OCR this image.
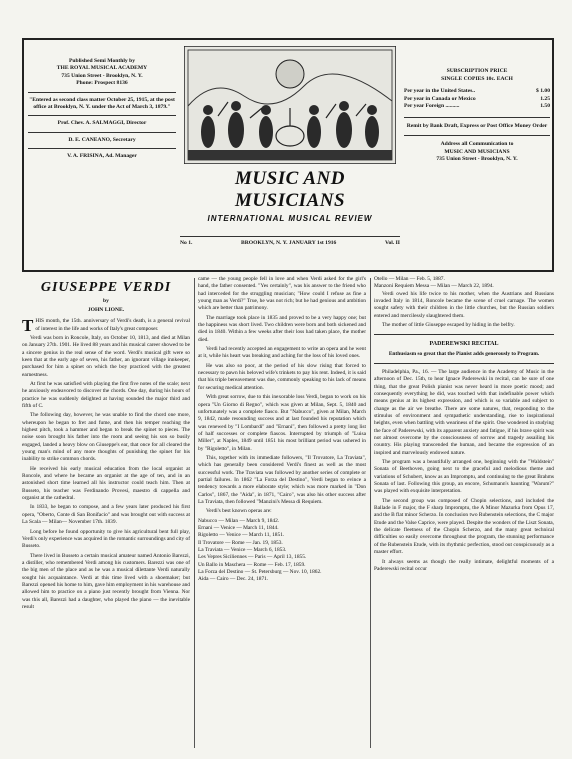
Published Semi Monthly by
THE ROYAL MUSICAL ACADEMY
735 Union Street - Brooklyn, N. Y.
Phone: Prospect 8136

"Entered as second class matter October 25, 1915, at the post office at Brooklyn, N. Y. under the Act of March 3, 1879."

Prof. Chev. A. SALMAGGI, Director

D. E. CANEANO, Secretary

V. A. FRISINA, Ad. Manager

MUSIC AND MUSICIANS
INTERNATIONAL MUSICAL REVIEW

SUBSCRIPTION PRICE
SINGLE COPIES 10c. EACH

Per year in the United States..	$ 1.00
Per year in Canada or Mexico	1.25
Per year Foreign ..........	1.50

Remit by Bank Draft, Express or Post Office Money Order

Address all Communication to
MUSIC AND MUSICIANS
735 Union Street - Brooklyn, N. Y.

No 1.	BROOKLYN, N. Y. JANUARY 1st 1916	Vol. II
GIUSEPPE VERDI
by
JOHN LIONE.

THIS month, the 15th. anniversary of Verdi's death, is a general revival of interest in the life and works of Italy's great composer.

Verdi was born in Roncole, Italy, on October 10, 1813, and died at Milan on January 27th. 1901. He lived 88 years and his musical career showed to be a sincere genius in the real sense of the word. Verdi's musical gift were so keen that at the early age of seven, his father, an ignorant village innkeeper, purchased for him a spinet on which the boy practiced with the greatest earnestness.

At first he was satisfied with playing the first five notes of the scale; next he anxiously endeavored to discover the chords. One day, during his hours of practice he was suddenly delighted at having sounded the major third and fifth of C.

The following day, however, he was unable to find the chord one more, whereupon he began to fret and fume, and then his temper reaching the highest pitch, took a hammer and began to break the spinet to pieces. The noise soon brought his father into the room and seeing his son so busily engaged, landed a heavy blow on Giuseppe's ear, that once for all cleared the young man's mind of any more thoughts of punishing the spinet for his inability to strike common chords.

He received his early musical education from the local organist at Roncole, and where he became an organist at the age of ten, and in an astonished short time learned all his instructor could teach him. Then at Busseto, his teacher was Ferdinando Provesi, maestro di cappella and organist at the cathedral.

In 1833, he began to compose, and a few years later produced his first opera, "Oberto, Conte di San Bonifacio" and was brought out with success at La Scala — Milan— November 17th. 1839.

Long before he found opportunity to give his agricultural bent full play, Verdi's only experience was acquired in the romantic surroundings and city of Busseto.

There lived in Busseto a certain musical amateur named Antonio Barezzi, a distiller, who remembered Verdi among his customers. Barezzi was one of the big men of the place and as he was a musical dilettante Verdi naturally sought his acquaintance. Verdi at this time lived with a shoemaker; but Barezzi opened his home to him, gave him employment in his warehouse and allowed him to practice on a piano just recently brought from Vienna. Nor was this all, Barezzi had a daughter, who played the piano — the inevitable result

came — the young people fell in love and when Verdi asked for the girl's hand, the father consented. "Yes certainly", was his answer to the friend who had interceded for the struggling musician; "How could I refuse as fine a young man as Verdi?" True, he was not rich; but he had genious and ambition which are better than patrimony.

The marriage took place in 1835 and proved to be a very happy one; but the happiness was short lived. Two children were born and both sickened and died in 1840. Within a few weeks after their loss had taken place, the mother died.

Verdi had recently accepted an engagement to write an opera and he went at it, while his heart was breaking and aching for the loss of his loved ones.

He was also so poor, at the period of his slow rising that forced to necessary to pawn his beloved wife's trinkets to pay his rent. Indeed, it is said that his triple bereavement was due, commonly speaking to his lack of means for securing medical attention.

With great sorrow, due to this inexorable loss Verdi, began to work on his opera "Un Giorno di Regno", which was given at Milan, Sept. 5, 1840 and unfortunately was a complete fiasco. But "Nabucco", given at Milan, March 9, 1842, made resounding success and at last founded his reputation which was renewed by "I Lombardi" and "Ernani", then followed a pretty long list of half successes or complete fiascos. Interrupted by triumph of "Luisa Miller", at Naples, 1849 until 1851 his most brilliant period was ushered in by "Rigoletto", in Milan.

This, together with its immediate followers, "Il Trovatore, La Traviata", which has generally been considered Verdi's finest as well as the most successful work. The Traviata was followed by another series of complete or partial failures. In 1862 "La Forza del Destino", Verdi began to evince a tendency towards a more elaborate style; which was more marked in "Don Carlos", 1867, the "Aida", in 1871, "Cairo", was also his other success after La Traviata, then followed "Manzini's Messa di Requiem.

Verdi's best known operas are:

Nabucco — Milan — March 9, 1842.

Ernani — Venice — March 11, 1844.

Rigoletto — Venice — March 11, 1851.

Il Trovatore — Rome — Jan. 19, 1853.

La Traviata — Venice — March 6, 1853.

Les Vepres Siciliennes — Paris — April 13, 1855.

Un Ballo in Maschera — Rome — Feb. 17, 1859.

La Forza del Destino — St. Petersburg — Nov. 10, 1862.

Aida — Cairo — Dec. 24, 1871.

Otello — Milan — Feb. 5, 1887.

Manzoni Requiem Messa — Milan — March 22, 1894.

Verdi owed his life twice to his mother, when the Austrians and Russians invaded Italy in 1814, Roncole became the scene of cruel carnage. The women sought safety with their children in the little churches, but the Russian soldiers entered and mercilessly slaughtered them.

The mother of little Giuseppe escaped by hiding in the belfry.

PADEREWSKI RECITAL

Enthusiasm so great that the Pianist adds generously to Program.

Philadelphia, Pa., 16. — The large audience in the Academy of Music in the afternoon of Dec. 15th, to hear Ignace Paderewski in recital, can be sure of one thing, that the great Polish pianist was never heard in more poetic mood; and consequently everything he did, was touched with that indefinable power which means genius at its highest expression, and which is so variable and subject to change as the air we breathe. There are some natures, that, responding to the stimulus of environment and sympathetic understanding, rise to inspirational heights, even when battling with weariness of the spirit. One wondered in studying the face of Paderewski, with its apparent anxiety and fatigue, if his brave spirit was not almost overcome by the consciousness of sorrow and tragedy assailing his country. His playing transcended the human, and became the expression of an inspired and marvelously endowed nature.

The program was a beautifully arranged one, beginning with the "Waldstein" Sonata of Beethoven, going next to the graceful and melodious theme and variations of Schubert, know as an Impromptu, and continuing to the great Brahms Sonata of last. Following this group, an encore, Schumann's haunting "Warum?" was played with exquisite interpretation.

The second group was composed of Chopin selections, and included the Ballade in F major, the F sharp Impromptu, the A Minor Mazurka from Opus 17, and the B flat minor Scherzo. In conclusion two Rubenstein selections, the C major Etude and the Valse Caprice, were played. Despite the wonders of the Liszt Sonata, the delicate fleetness of the Chopin Scherzo, and the many great technical difficulties so easily overcome throughout the program, the stunning performance of the Rubenstein Etude, with its rhythmic perfection, stood out conspicuously as a master effort.

It always seems as though the really intimate, delightful moments of a Paderewski recital occur
